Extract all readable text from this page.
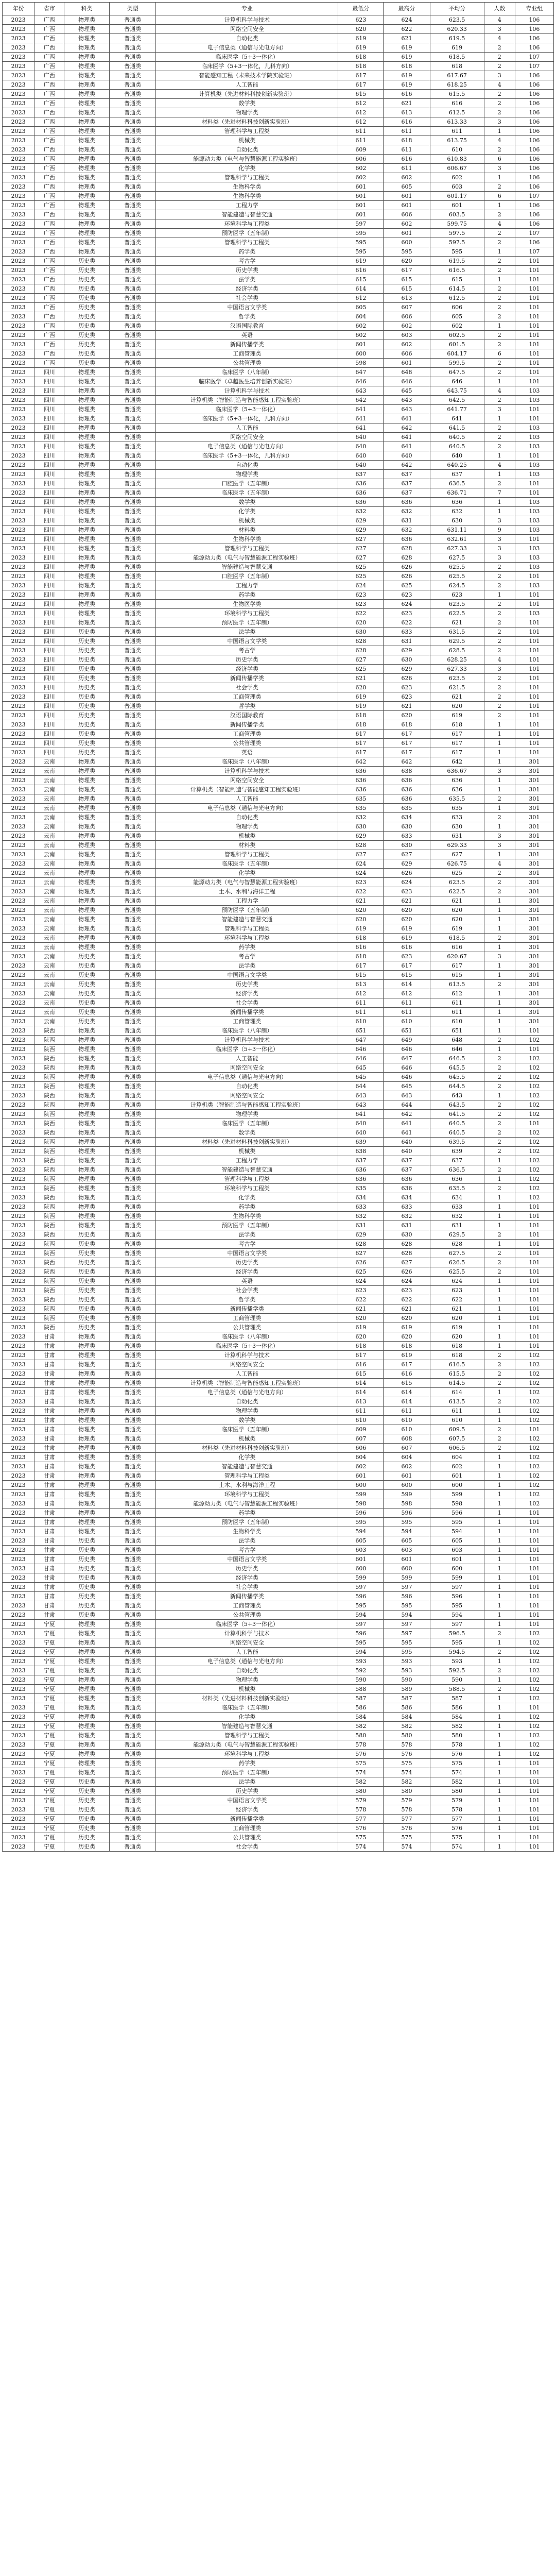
年份	省市	科类	类型	专业	最低分	最高分	平均分	人数	专业组
2023	广西	物理类	普通类	计算机科学与技术	623	624	623.5	4	106
2023	广西	物理类	普通类	网络空间安全	620	622	620.33	3	106
2023	广西	物理类	普通类	自动化类	619	621	619.5	4	106
2023	广西	物理类	普通类	电子信息类（通信与光电方向）	619	619	619	2	106
2023	广西	物理类	普通类	临床医学（5+3一体化）	618	619	618.5	2	107
2023	广西	物理类	普通类	临床医学（5+3一体化，儿科方向）	618	618	618	2	107
2023	广西	物理类	普通类	智能感知工程（未来技术学院实验班）	617	619	617.67	3	106
2023	广西	物理类	普通类	人工智能	617	619	618.25	4	106
2023	广西	物理类	普通类	计算机类（先进材料科技创新实验班）	615	616	615.5	2	106
2023	广西	物理类	普通类	数学类	612	621	616	2	106
2023	广西	物理类	普通类	物理学类	612	613	612.5	2	106
2023	广西	物理类	普通类	材料类（先进材料科技创新实验班）	612	616	613.33	3	106
2023	广西	物理类	普通类	管理科学与工程类	611	611	611	1	106
2023	广西	物理类	普通类	机械类	611	618	613.75	4	106
2023	广西	物理类	普通类	自动化类	609	611	610	2	106
2023	广西	物理类	普通类	能源动力类（电气与智慧能源工程实验班）	606	616	610.83	6	106
2023	广西	物理类	普通类	化学类	602	611	606.67	3	106
2023	广西	物理类	普通类	管理科学与工程类	602	602	602	1	106
2023	广西	物理类	普通类	生物科学类	601	605	603	2	106
2023	广西	物理类	普通类	生物科学类	601	601	601.17	6	107
2023	广西	物理类	普通类	工程力学	601	601	601	1	106
2023	广西	物理类	普通类	智能建造与智慧交通	601	606	603.5	2	106
2023	广西	物理类	普通类	环境科学与工程类	597	602	599.75	4	106
2023	广西	物理类	普通类	预防医学（五年制）	595	601	597.5	2	107
2023	广西	物理类	普通类	管理科学与工程类	595	600	597.5	2	106
2023	广西	物理类	普通类	药学类	595	595	595	1	107
2023	广西	历史类	普通类	考古学	619	620	619.5	2	101
2023	广西	历史类	普通类	历史学类	616	617	616.5	2	101
2023	广西	历史类	普通类	法学类	615	615	615	1	101
2023	广西	历史类	普通类	经济学类	614	615	614.5	2	101
2023	广西	历史类	普通类	社会学类	612	613	612.5	2	101
2023	广西	历史类	普通类	中国语言文学类	605	607	606	2	101
2023	广西	历史类	普通类	哲学类	604	606	605	2	101
2023	广西	历史类	普通类	汉语国际教育	602	602	602	1	101
2023	广西	历史类	普通类	英语	602	603	602.5	2	101
2023	广西	历史类	普通类	新闻传播学类	601	602	601.5	2	101
2023	广西	历史类	普通类	工商管理类	600	606	604.17	6	101
2023	广西	历史类	普通类	公共管理类	598	601	599.5	2	101
2023	四川	物理类	普通类	临床医学（八年制）	647	648	647.5	2	101
2023	四川	物理类	普通类	临床医学（卓越医生培养创新实验班）	646	646	646	1	101
2023	四川	物理类	普通类	计算机科学与技术	643	645	643.75	4	103
2023	四川	物理类	普通类	计算机类（智能制造与智能感知工程实验班）	642	643	642.5	2	103
2023	四川	物理类	普通类	临床医学（5+3一体化）	641	643	641.77	3	101
2023	四川	物理类	普通类	临床医学（5+3一体化，儿科方向）	641	641	641	1	101
2023	四川	物理类	普通类	人工智能	641	642	641.5	2	103
2023	四川	物理类	普通类	网络空间安全	640	641	640.5	2	103
2023	四川	物理类	普通类	电子信息类（通信与光电方向）	640	641	640.5	2	103
2023	四川	物理类	普通类	临床医学（5+3一体化，儿科方向）	640	640	640	1	101
2023	四川	物理类	普通类	自动化类	640	642	640.25	4	103
2023	四川	物理类	普通类	物理学类	637	637	637	1	103
2023	四川	物理类	普通类	口腔医学（五年制）	636	637	636.5	2	101
2023	四川	物理类	普通类	临床医学（五年制）	636	637	636.71	7	101
2023	四川	物理类	普通类	数学类	636	636	636	1	103
2023	四川	物理类	普通类	化学类	632	632	632	1	103
2023	四川	物理类	普通类	机械类	629	631	630	3	103
2023	四川	物理类	普通类	材料类	629	632	631.11	9	103
2023	四川	物理类	普通类	生物科学类	627	636	632.61	3	101
2023	四川	物理类	普通类	管理科学与工程类	627	628	627.33	3	103
2023	四川	物理类	普通类	能源动力类（电气与智慧能源工程实验班）	627	628	627.5	3	103
2023	四川	物理类	普通类	智能建造与智慧交通	625	626	625.5	2	103
2023	四川	物理类	普通类	口腔医学（五年制）	625	626	625.5	2	101
2023	四川	物理类	普通类	工程力学	624	625	624.5	2	103
2023	四川	物理类	普通类	药学类	623	623	623	1	101
2023	四川	物理类	普通类	生物医学类	623	624	623.5	2	101
2023	四川	物理类	普通类	环境科学与工程类	622	623	622.5	2	103
2023	四川	物理类	普通类	预防医学（五年制）	620	622	621	2	101
2023	四川	历史类	普通类	法学类	630	633	631.5	2	101
2023	四川	历史类	普通类	中国语言文学类	628	631	629.5	2	101
2023	四川	历史类	普通类	考古学	628	629	628.5	2	101
2023	四川	历史类	普通类	历史学类	627	630	628.25	4	101
2023	四川	历史类	普通类	经济学类	625	629	627.33	3	101
2023	四川	历史类	普通类	新闻传播学类	621	626	623.5	2	101
2023	四川	历史类	普通类	社会学类	620	623	621.5	2	101
2023	四川	历史类	普通类	工商管理类	619	623	621	2	101
2023	四川	历史类	普通类	哲学类	619	621	620	2	101
2023	四川	历史类	普通类	汉语国际教育	618	620	619	2	101
2023	四川	历史类	普通类	新闻传播学类	618	618	618	1	101
2023	四川	历史类	普通类	工商管理类	617	617	617	1	101
2023	四川	历史类	普通类	公共管理类	617	617	617	1	101
2023	四川	历史类	普通类	英语	617	617	617	1	101
2023	云南	物理类	普通类	临床医学（八年制）	642	642	642	1	301
2023	云南	物理类	普通类	计算机科学与技术	636	638	636.67	3	301
2023	云南	物理类	普通类	网络空间安全	636	636	636	1	301
2023	云南	物理类	普通类	计算机类（智能制造与智能感知工程实验班）	636	636	636	1	301
2023	云南	物理类	普通类	人工智能	635	636	635.5	2	301
2023	云南	物理类	普通类	电子信息类（通信与光电方向）	635	635	635	1	301
2023	云南	物理类	普通类	自动化类	632	634	633	2	301
2023	云南	物理类	普通类	物理学类	630	630	630	1	301
2023	云南	物理类	普通类	机械类	629	633	631	3	301
2023	云南	物理类	普通类	材料类	628	630	629.33	3	301
2023	云南	物理类	普通类	管理科学与工程类	627	627	627	1	301
2023	云南	物理类	普通类	临床医学（五年制）	624	629	626.75	4	301
2023	云南	物理类	普通类	化学类	624	626	625	2	301
2023	云南	物理类	普通类	能源动力类（电气与智慧能源工程实验班）	623	624	623.5	2	301
2023	云南	物理类	普通类	土木、水利与海洋工程	622	623	622.5	2	301
2023	云南	物理类	普通类	工程力学	621	621	621	1	301
2023	云南	物理类	普通类	预防医学（五年制）	620	620	620	1	301
2023	云南	物理类	普通类	智能建造与智慧交通	620	620	620	1	301
2023	云南	物理类	普通类	管理科学与工程类	619	619	619	1	301
2023	云南	物理类	普通类	环境科学与工程类	618	619	618.5	2	301
2023	云南	物理类	普通类	药学类	616	616	616	1	301
2023	云南	历史类	普通类	考古学	618	623	620.67	3	301
2023	云南	历史类	普通类	法学类	617	617	617	1	301
2023	云南	历史类	普通类	中国语言文学类	615	615	615	1	301
2023	云南	历史类	普通类	历史学类	613	614	613.5	2	301
2023	云南	历史类	普通类	经济学类	612	612	612	1	301
2023	云南	历史类	普通类	社会学类	611	611	611	1	301
2023	云南	历史类	普通类	新闻传播学类	611	611	611	1	301
2023	云南	历史类	普通类	工商管理类	610	610	610	1	301
2023	陕西	物理类	普通类	临床医学（八年制）	651	651	651	1	101
2023	陕西	物理类	普通类	计算机科学与技术	647	649	648	2	102
2023	陕西	物理类	普通类	临床医学（5+3一体化）	646	646	646	1	101
2023	陕西	物理类	普通类	人工智能	646	647	646.5	2	102
2023	陕西	物理类	普通类	网络空间安全	645	646	645.5	2	102
2023	陕西	物理类	普通类	电子信息类（通信与光电方向）	645	646	645.5	2	102
2023	陕西	物理类	普通类	自动化类	644	645	644.5	2	102
2023	陕西	物理类	普通类	网络空间安全	643	643	643	1	102
2023	陕西	物理类	普通类	计算机类（智能制造与智能感知工程实验班）	643	644	643.5	2	102
2023	陕西	物理类	普通类	物理学类	641	642	641.5	2	102
2023	陕西	物理类	普通类	临床医学（五年制）	640	641	640.5	2	101
2023	陕西	物理类	普通类	数学类	640	641	640.5	2	102
2023	陕西	物理类	普通类	材料类（先进材料科技创新实验班）	639	640	639.5	2	102
2023	陕西	物理类	普通类	机械类	638	640	639	2	102
2023	陕西	物理类	普通类	工程力学	637	637	637	1	102
2023	陕西	物理类	普通类	智能建造与智慧交通	636	637	636.5	2	102
2023	陕西	物理类	普通类	管理科学与工程类	636	636	636	1	102
2023	陕西	物理类	普通类	环境科学与工程类	635	636	635.5	2	102
2023	陕西	物理类	普通类	化学类	634	634	634	1	102
2023	陕西	物理类	普通类	药学类	633	633	633	1	101
2023	陕西	物理类	普通类	生物科学类	632	632	632	1	101
2023	陕西	物理类	普通类	预防医学（五年制）	631	631	631	1	101
2023	陕西	历史类	普通类	法学类	629	630	629.5	2	101
2023	陕西	历史类	普通类	考古学	628	628	628	1	101
2023	陕西	历史类	普通类	中国语言文学类	627	628	627.5	2	101
2023	陕西	历史类	普通类	历史学类	626	627	626.5	2	101
2023	陕西	历史类	普通类	经济学类	625	626	625.5	2	101
2023	陕西	历史类	普通类	英语	624	624	624	1	101
2023	陕西	历史类	普通类	社会学类	623	623	623	1	101
2023	陕西	历史类	普通类	哲学类	622	622	622	1	101
2023	陕西	历史类	普通类	新闻传播学类	621	621	621	1	101
2023	陕西	历史类	普通类	工商管理类	620	620	620	1	101
2023	陕西	历史类	普通类	公共管理类	619	619	619	1	101
2023	甘肃	物理类	普通类	临床医学（八年制）	620	620	620	1	101
2023	甘肃	物理类	普通类	临床医学（5+3一体化）	618	618	618	1	101
2023	甘肃	物理类	普通类	计算机科学与技术	617	619	618	2	102
2023	甘肃	物理类	普通类	网络空间安全	616	617	616.5	2	102
2023	甘肃	物理类	普通类	人工智能	615	616	615.5	2	102
2023	甘肃	物理类	普通类	计算机类（智能制造与智能感知工程实验班）	614	615	614.5	2	102
2023	甘肃	物理类	普通类	电子信息类（通信与光电方向）	614	614	614	1	102
2023	甘肃	物理类	普通类	自动化类	613	614	613.5	2	102
2023	甘肃	物理类	普通类	物理学类	611	611	611	1	102
2023	甘肃	物理类	普通类	数学类	610	610	610	1	102
2023	甘肃	物理类	普通类	临床医学（五年制）	609	610	609.5	2	101
2023	甘肃	物理类	普通类	机械类	607	608	607.5	2	102
2023	甘肃	物理类	普通类	材料类（先进材料科技创新实验班）	606	607	606.5	2	102
2023	甘肃	物理类	普通类	化学类	604	604	604	1	102
2023	甘肃	物理类	普通类	智能建造与智慧交通	602	602	602	1	102
2023	甘肃	物理类	普通类	管理科学与工程类	601	601	601	1	102
2023	甘肃	物理类	普通类	土木、水利与海洋工程	600	600	600	1	102
2023	甘肃	物理类	普通类	环境科学与工程类	599	599	599	1	102
2023	甘肃	物理类	普通类	能源动力类（电气与智慧能源工程实验班）	598	598	598	1	102
2023	甘肃	物理类	普通类	药学类	596	596	596	1	101
2023	甘肃	物理类	普通类	预防医学（五年制）	595	595	595	1	101
2023	甘肃	物理类	普通类	生物科学类	594	594	594	1	101
2023	甘肃	历史类	普通类	法学类	605	605	605	1	101
2023	甘肃	历史类	普通类	考古学	603	603	603	1	101
2023	甘肃	历史类	普通类	中国语言文学类	601	601	601	1	101
2023	甘肃	历史类	普通类	历史学类	600	600	600	1	101
2023	甘肃	历史类	普通类	经济学类	599	599	599	1	101
2023	甘肃	历史类	普通类	社会学类	597	597	597	1	101
2023	甘肃	历史类	普通类	新闻传播学类	596	596	596	1	101
2023	甘肃	历史类	普通类	工商管理类	595	595	595	1	101
2023	甘肃	历史类	普通类	公共管理类	594	594	594	1	101
2023	宁夏	物理类	普通类	临床医学（5+3一体化）	597	597	597	1	101
2023	宁夏	物理类	普通类	计算机科学与技术	596	597	596.5	2	102
2023	宁夏	物理类	普通类	网络空间安全	595	595	595	1	102
2023	宁夏	物理类	普通类	人工智能	594	595	594.5	2	102
2023	宁夏	物理类	普通类	电子信息类（通信与光电方向）	593	593	593	1	102
2023	宁夏	物理类	普通类	自动化类	592	593	592.5	2	102
2023	宁夏	物理类	普通类	物理学类	590	590	590	1	102
2023	宁夏	物理类	普通类	机械类	588	589	588.5	2	102
2023	宁夏	物理类	普通类	材料类（先进材料科技创新实验班）	587	587	587	1	102
2023	宁夏	物理类	普通类	临床医学（五年制）	586	586	586	1	101
2023	宁夏	物理类	普通类	化学类	584	584	584	1	102
2023	宁夏	物理类	普通类	智能建造与智慧交通	582	582	582	1	102
2023	宁夏	物理类	普通类	管理科学与工程类	580	580	580	1	102
2023	宁夏	物理类	普通类	能源动力类（电气与智慧能源工程实验班）	578	578	578	1	102
2023	宁夏	物理类	普通类	环境科学与工程类	576	576	576	1	102
2023	宁夏	物理类	普通类	药学类	575	575	575	1	101
2023	宁夏	物理类	普通类	预防医学（五年制）	574	574	574	1	101
2023	宁夏	历史类	普通类	法学类	582	582	582	1	101
2023	宁夏	历史类	普通类	历史学类	580	580	580	1	101
2023	宁夏	历史类	普通类	中国语言文学类	579	579	579	1	101
2023	宁夏	历史类	普通类	经济学类	578	578	578	1	101
2023	宁夏	历史类	普通类	新闻传播学类	577	577	577	1	101
2023	宁夏	历史类	普通类	工商管理类	576	576	576	1	101
2023	宁夏	历史类	普通类	公共管理类	575	575	575	1	101
2023	宁夏	历史类	普通类	社会学类	574	574	574	1	101
